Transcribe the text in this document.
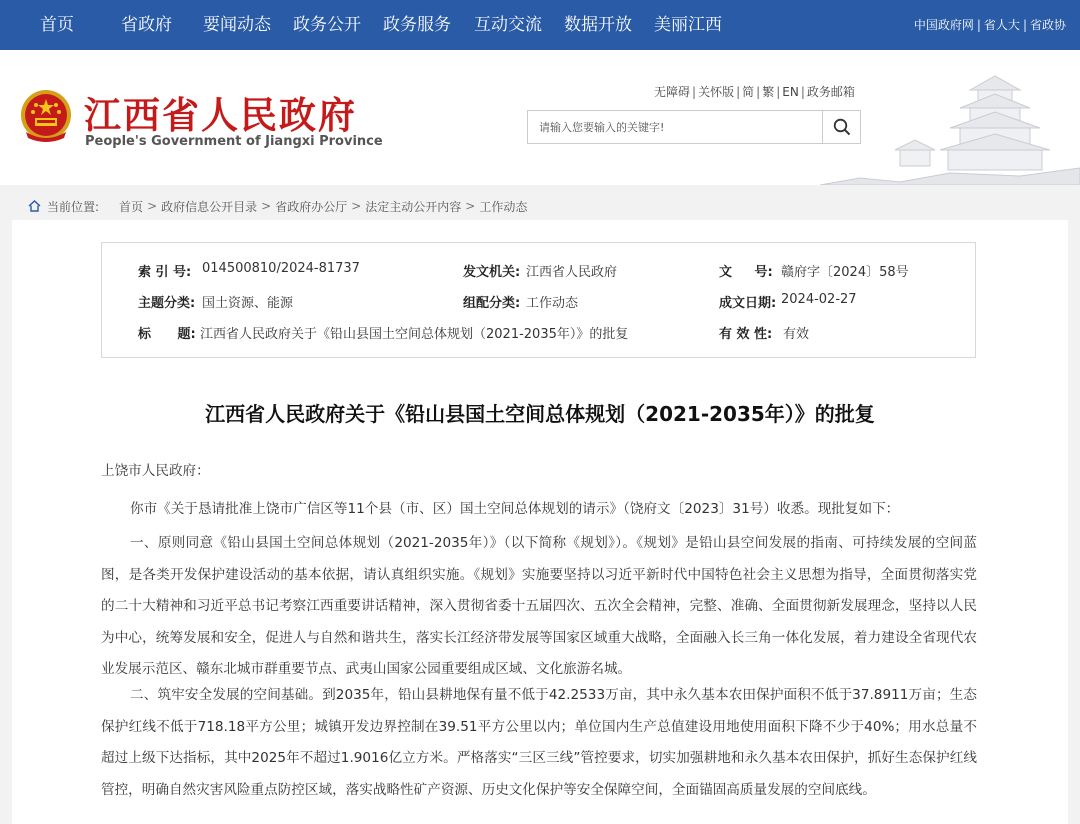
首页	省政府 要闻动态 政务公开 政务服务 互动交流 数据开放 美丽江西	中国政府网 | 省人大 | 省政协
江西省人民政府
People's Government of Jiangxi Province
无障碍 | 关怀版 | 简 | 繁 | EN | 政务邮箱
请输入您要输入的关键字!
当前位置: 首页 > 政府信息公开目录 > 省政府办公厅 > 法定主动公开内容 > 工作动态
索 引 号: 014500810/2024-81737	发文机关: 江西省人民政府	文 号: 赣府字〔2024〕58号
主题分类: 国土资源、能源	组配分类: 工作动态	成文日期: 2024-02-27
标 题: 江西省人民政府关于《铅山县国土空间总体规划（2021-2035年）》的批复	有 效 性: 有效
江西省人民政府关于《铅山县国土空间总体规划（2021-2035年）》的批复
上饶市人民政府：
你市《关于恳请批准上饶市广信区等11个县（市、区）国土空间总体规划的请示》（饶府文〔2023〕31号）收悉。现批复如下：
一、原则同意《铅山县国土空间总体规划（2021-2035年）》（以下简称《规划》）。《规划》是铅山县空间发展的指南、可持续发展的空间蓝图，是各类开发保护建设活动的基本依据，请认真组织实施。《规划》实施要坚持以习近平新时代中国特色社会主义思想为指导，全面贯彻落实党的二十大精神和习近平总书记考察江西重要讲话精神，深入贯彻省委十五届四次、五次全会精神，完整、准确、全面贯彻新发展理念，坚持以人民为中心，统筹发展和安全，促进人与自然和谐共生，落实长江经济带发展等国家区域重大战略，全面融入长三角一体化发展，着力建设全省现代农业发展示范区、赣东北城市群重要节点、武夷山国家公园重要组成区域、文化旅游名城。
二、筑牢安全发展的空间基础。到2035年，铅山县耕地保有量不低于42.2533万亩，其中永久基本农田保护面积不低于37.8911万亩；生态保护红线不低于718.18平方公里；城镇开发边界控制在39.51平方公里以内；单位国内生产总值建设用地使用面积下降不少于40%；用水总量不超过上级下达指标，其中2025年不超过1.9016亿立方米。严格落实“三区三线”管控要求，切实加强耕地和永久基本农田保护，抓好生态保护红线管控，明确自然灾害风险重点防控区域，落实战略性矿产资源、历史文化保护等安全保障空间，全面锚固高质量发展的空间底线。
